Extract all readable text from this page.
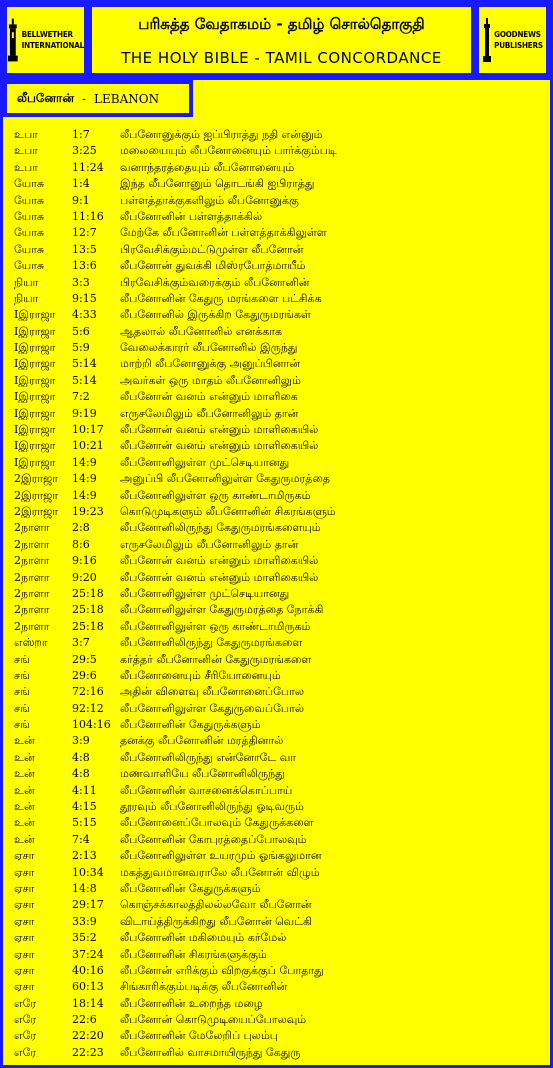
BELLWETHER
INTERNATIONAL
பரிசுத்த வேதாகமம் - தமிழ் சொல்தொகுதி
THE HOLY BIBLE - TAMIL CONCORDANCE
GOODNEWS
PUBLISHERS
லீபனோன் - LEBANON
உபா	1:7	லீபனோனுக்கும் ஐப்பிராத்து நதி என்னும்
உபா	3:25 மலையையும் லீபனோனையும் பார்க்கும்படி
உபா	11:24 வனாந்தரத்தையும் லீபனோனையும்
யோசு	1:4	இந்த லீபனோனும் தொடங்கி ஐபிராத்து
யோசு	9:1	பள்ளத்தாக்குகளிலும் லீபனோனுக்கு
யோசு	11:16 லீபனோனின் பள்ளத்தாக்கில்
யோசு	12:7 மேற்கே லீபனோனின் பள்ளத்தாக்கிலுள்ள
யோசு	13:5 பிரவேசிக்கும்மட்டுமுள்ள லீபனோன்
யோசு	13:6 லீபனோன் துவக்கி மிஸ்ரபோத்மாயீம்
நியா	3:3	பிரவேசிக்கும்வரைக்கும் லீபனோனின்
நியா	9:15 லீபனோனின் கேதுரு மரங்களை பட்சிக்க
Iஇராஜா 4:33 லீபனோனில் இருக்கிற கேதுருமரங்கள்
Iஇராஜா 5:6	ஆதலால் லீபனோனில் எனக்காக
Iஇராஜா 5:9	வேலைக்காரர் லீபனோனில் இருந்து
Iஇராஜா 5:14 மாற்றி லீபனோனுக்கு அனுப்பினான்
Iஇராஜா 5:14 அவர்கள் ஒரு மாதம் லீபனோனிலும்
Iஇராஜா 7:2	லீபனோன் வனம் என்னும் மாளிகை
Iஇராஜா 9:19 எருசலேமிலும் லீபனோனிலும் தான்
Iஇராஜா 10:17 லீபனோன் வனம் என்னும் மாளிகையில்
Iஇராஜா 10:21 லீபனோன் வனம் என்னும் மாளிகையில்
Iஇராஜா 14:9 லீபனோனிலுள்ள முட்செடியானது
2இராஜா 14:9 அனுப்பி லீபனோனிலுள்ள கேதுருமரத்தை
2இராஜா 14:9 லீபனோனிலுள்ள ஒரு காண்டாமிருகம்
2இராஜா 19:23 கொடுமுடிகளும் லீபனோனின் சிகரங்களும்
2நாளா 2:8	லீபனோனிலிருந்து கேதுருமரங்களையும்
2நாளா 8:6	எருசலேமிலும் லீபனோனிலும் தான்
2நாளா 9:16 லீபனோன் வனம் என்னும் மாளிகையில்
2நாளா 9:20 லீபனோன் வனம் என்னும் மாளிகையில்
2நாளா 25:18 லீபனோனிலுள்ள முட்செடியானது
2நாளா 25:18 லீபனோனிலுள்ள கேதுருமரத்தை நோக்கி
2நாளா 25:18 லீபனோனிலுள்ள ஒரு காண்டாமிருகம்
எஸ்றா 3:7	லீபனோனிலிருந்து கேதுருமரங்களை
சங்	29:5 கர்த்தர் லீபனோனின் கேதுருமரங்களை
சங்	29:6 லீபனோனையும் சீரியோனையும்
சங்	72:16 அதின் விளைவு லீபனோனைப்போல
சங்	92:12 லீபனோனிலுள்ள கேதுருவைப்போல்
சங்	104:16 லீபனோனின் கேதுருக்களும்
உன்	3:9	தனக்கு லீபனோனின் மரத்தினால்
உன்	4:8	லீபனோனிலிருந்து என்னோடே வா
உன்	4:8	மணவாளியே லீபனோனிலிருந்து
உன்	4:11 லீபனோனின் வாசனைக்கொப்பாய்
உன்	4:15 தூரவும் லீபனோனிலிருந்து ஓடிவரும்
உன்	5:15 லீபனோனைப்போலவும் கேதுருக்களை
உன்	7:4	லீபனோனின் கோபுரத்தைப்போலவும்
ஏசா	2:13 லீபனோனிலுள்ள உயரமும் ஓங்கலுமான
ஏசா	10:34 மகத்துவமானவராலே லீபனோன் விழும்
ஏசா	14:8 லீபனோனின் கேதுருக்களும்
ஏசா	29:17 கொஞ்சக்காலத்திலல்லவோ லீபனோன்
ஏசா	33:9 விடாய்த்திருக்கிறது லீபனோன் வெட்கி
ஏசா	35:2 லீபனோனின் மகிமையும் கர்மேல்
ஏசா	37:24 லீபனோனின் சிகரங்களுக்கும்
ஏசா	40:16 லீபனோன் எரிக்கும் விறகுக்குப் போதாது
ஏசா	60:13 சிங்காரிக்கும்படிக்கு லீபனோனின்
எரே	18:14 லீபனோனின் உறைந்த மழை
எரே	22:6 லீபனோன் கொடுமுடியைப்போலவும்
எரே	22:20 லீபனோனின் மேலேறிப் புலம்பு
எரே	22:23 லீபனோனில் வாசமாயிருந்து கேதுரு
